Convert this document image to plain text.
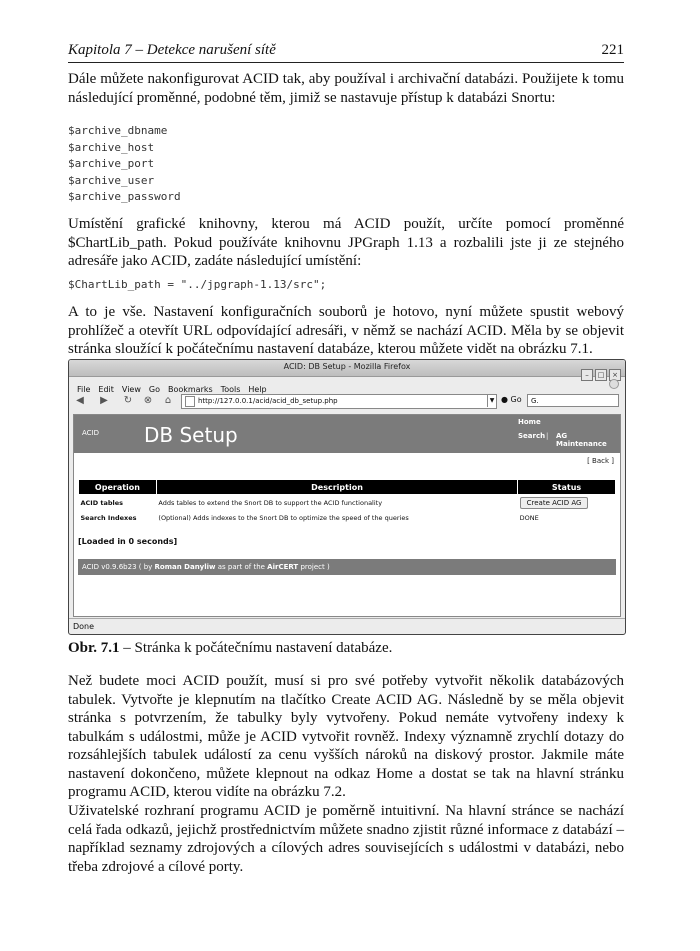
Kapitola 7 – Detekce narušení sítě	221

Dále můžete nakonfigurovat ACID tak, aby používal i archivační databázi. Použijete k tomu následující proměnné, podobné těm, jimiž se nastavuje přístup k databázi Snortu:

$archive_dbname
$archive_host
$archive_port
$archive_user
$archive_password

Umístění grafické knihovny, kterou má ACID použít, určíte pomocí proměnné $ChartLib_path. Pokud používáte knihovnu JPGraph 1.13 a rozbalili jste ji ze stejného adresáře jako ACID, zadáte následující umístění:

$ChartLib_path = "../jpgraph-1.13/src";

A to je vše. Nastavení konfiguračních souborů je hotovo, nyní můžete spustit webový prohlížeč a otevřít URL odpovídající adresáři, v němž se nachází ACID. Měla by se objevit stránka sloužící k počátečnímu nastavení databáze, kterou můžete vidět na obrázku 7.1.

ACID: DB Setup - Mozilla Firefox
– □ ×
File Edit View Go Bookmarks Tools Help
◀	▶	↻ ⊗	⌂	http://127.0.0.1/acid/acid_db_setup.php	▼ ● Go	G.
ACID DB Setup
Home
Search | AG Maintenance
[ Back ]
Operation	Description	Status
ACID tables	Adds tables to extend the Snort DB to support the ACID functionality	Create ACID AG
Search Indexes	(Optional) Adds indexes to the Snort DB to optimize the speed of the queries	DONE
[Loaded in 0 seconds]
ACID v0.9.6b23 ( by Roman Danyliw as part of the AirCERT project )
Done
Obr. 7.1 – Stránka k počátečnímu nastavení databáze.

Než budete moci ACID použít, musí si pro své potřeby vytvořit několik databázových tabulek. Vytvořte je klepnutím na tlačítko Create ACID AG. Následně by se měla objevit stránka s potvrzením, že tabulky byly vytvořeny. Pokud nemáte vytvořeny indexy k tabulkám s událostmi, může je ACID vytvořit rovněž. Indexy významně zrychlí dotazy do rozsáhlejších tabulek událostí za cenu vyšších nároků na diskový prostor. Jakmile máte nastavení dokončeno, můžete klepnout na odkaz Home a dostat se tak na hlavní stránku programu ACID, kterou vidíte na obrázku 7.2.

Uživatelské rozhraní programu ACID je poměrně intuitivní. Na hlavní stránce se nachází celá řada odkazů, jejichž prostřednictvím můžete snadno zjistit různé informace z databází – například seznamy zdrojových a cílových adres souvisejících s událostmi v databázi, nebo třeba zdrojové a cílové porty.
